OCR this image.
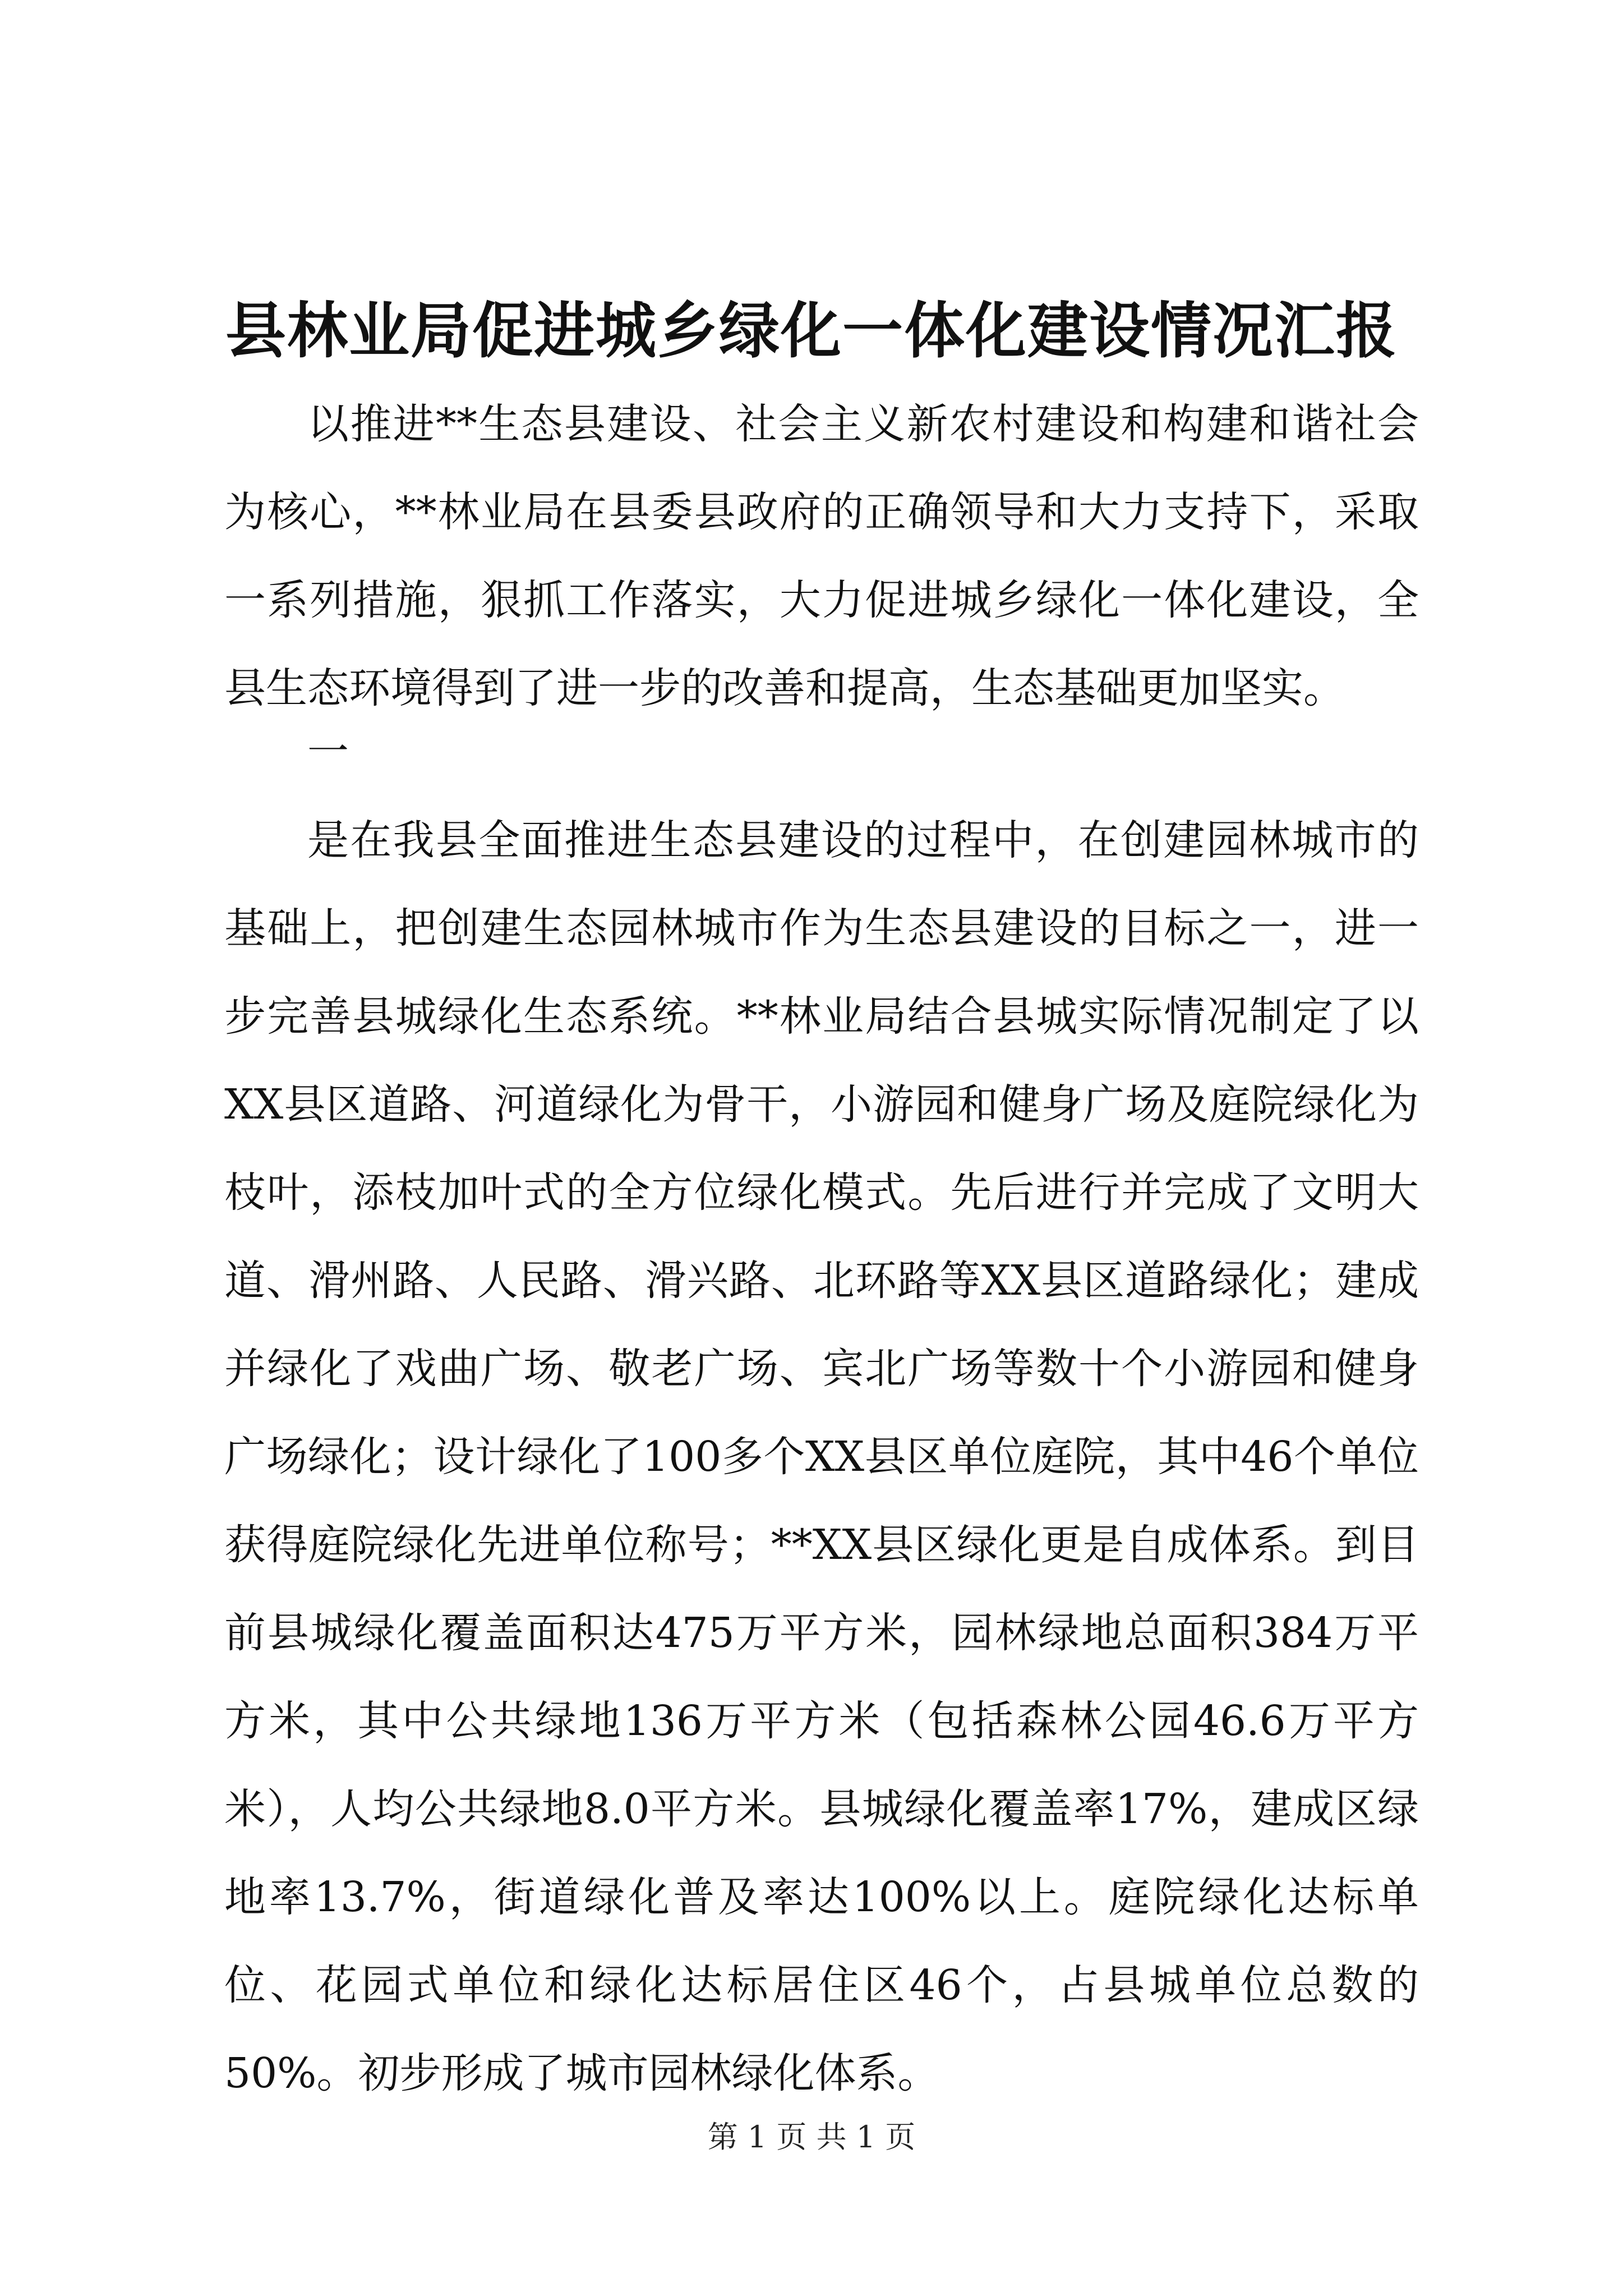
县林业局促进城乡绿化一体化建设情况汇报

以推进**生态县建设、社会主义新农村建设和构建和谐社会为核心，**林业局在县委县政府的正确领导和大力支持下，采取一系列措施，狠抓工作落实，大力促进城乡绿化一体化建设，全县生态环境得到了进一步的改善和提高，生态基础更加坚实。

一

是在我县全面推进生态县建设的过程中，在创建园林城市的基础上，把创建生态园林城市作为生态县建设的目标之一，进一步完善县城绿化生态系统。**林业局结合县城实际情况制定了以XX县区道路、河道绿化为骨干，小游园和健身广场及庭院绿化为枝叶，添枝加叶式的全方位绿化模式。先后进行并完成了文明大道、滑州路、人民路、滑兴路、北环路等XX县区道路绿化；建成并绿化了戏曲广场、敬老广场、宾北广场等数十个小游园和健身广场绿化；设计绿化了100多个XX县区单位庭院，其中46个单位获得庭院绿化先进单位称号；**XX县区绿化更是自成体系。到目前县城绿化覆盖面积达475万平方米，园林绿地总面积384万平方米，其中公共绿地136万平方米（包括森林公园46.6万平方米），人均公共绿地8.0平方米。县城绿化覆盖率17%，建成区绿地率13.7%，街道绿化普及率达100%以上。庭院绿化达标单位、花园式单位和绿化达标居住区46个，占县城单位总数的50%。初步形成了城市园林绿化体系。

第 1 页 共 1 页
